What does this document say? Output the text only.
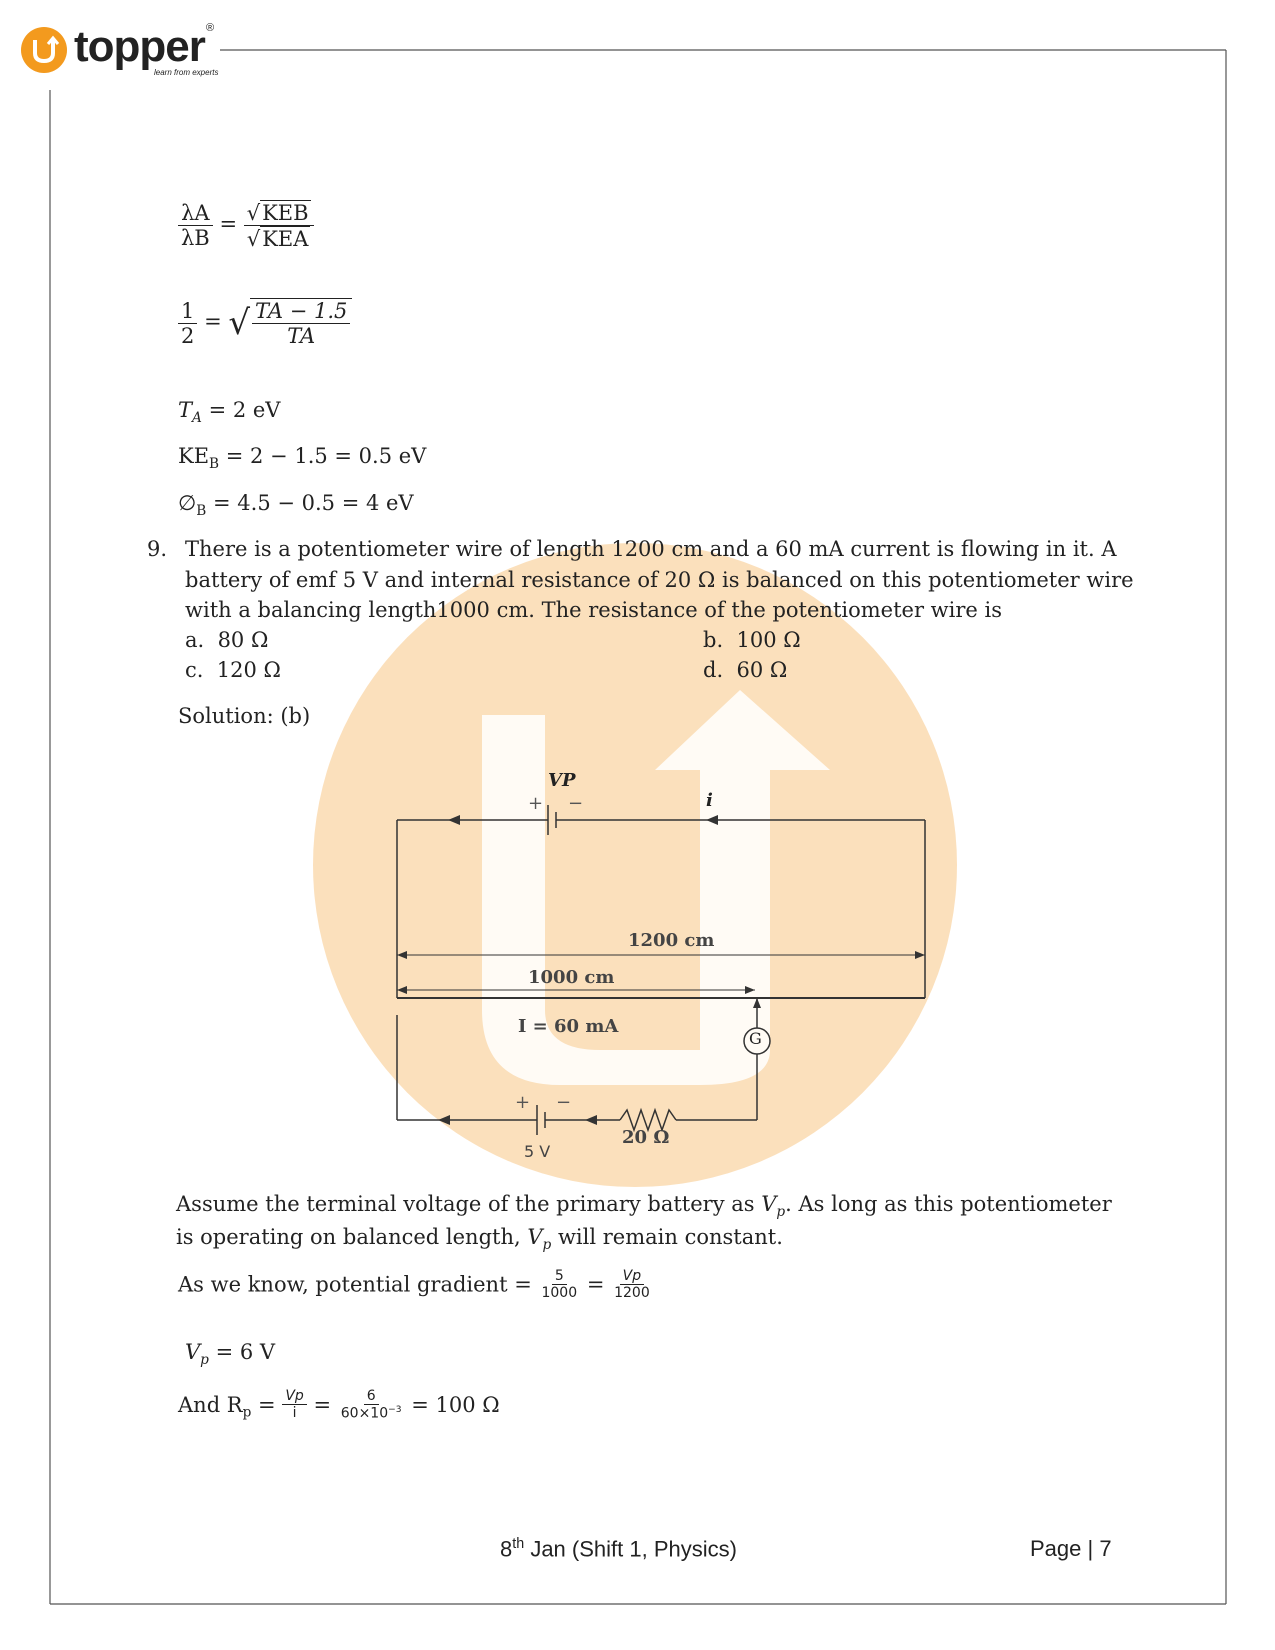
topper ®
learn from experts
$\frac{\lambda A}{\lambda B} = \frac{\text{√KEB}}{\text{√KEA}}$
$\frac{1}{2}$ = √ $\frac{TA - 1.5}{TA}$
$T_A = 2$ eV
$KE_B = 2 - 1.5 = 0.5$ eV
$\emptyset_B = 4.5 - 0.5 = 4$ eV
9. There is a potentiometer wire of length 1200 cm and a 60 mA current is flowing in it. A
battery of emf 5 V and internal resistance of 20 Ω is balanced on this potentiometer wire
with a balancing length1000 cm. The resistance of the potentiometer wire is
a. 80 Ω	b. 100 Ω
c. 120 Ω	d. 60 Ω
Solution: (b)
VP
+ −	i
1200 cm
1000 cm
I = 60 mA
G
+ −
20 Ω
5 V
Assume the terminal voltage of the primary battery as $V_p$. As long as this potentiometer
is operating on balanced length, $V_p$ will remain constant.
As we know, potential gradient = $\frac{5}{1000} = \frac{Vp}{1200}$
$V_p = 6$ V
And $R_p = \frac{Vp}{i} = \frac{6}{60\times 10^{-3}} = 100$ Ω
8th Jan (Shift 1, Physics)	Page | 7
